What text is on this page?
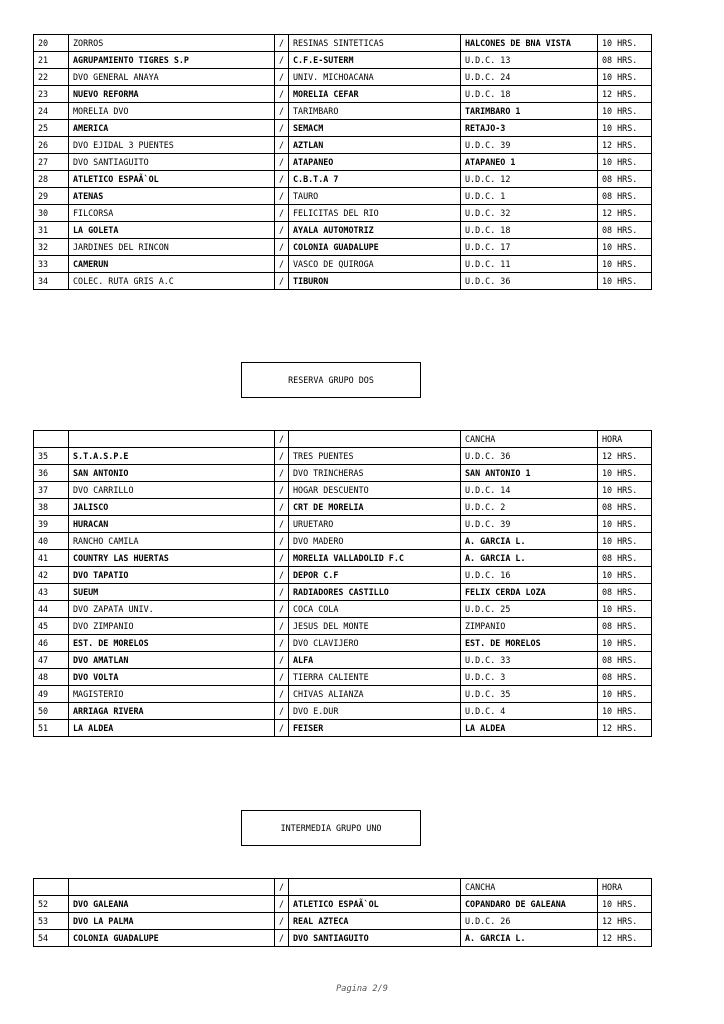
20	ZORROS	/	RESINAS SINTETICAS	HALCONES DE BNA VISTA	10 HRS.
21	AGRUPAMIENTO TIGRES S.P	/	C.F.E-SUTERM	U.D.C. 13	08 HRS.
22	DVO GENERAL ANAYA	/	UNIV. MICHOACANA	U.D.C. 24	10 HRS.
23	NUEVO REFORMA	/	MORELIA CEFAR	U.D.C. 18	12 HRS.
24	MORELIA DVO	/	TARIMBARO	TARIMBARO 1	10 HRS.
25	AMERICA	/	SEMACM	RETAJO-3	10 HRS.
26	DVO EJIDAL 3 PUENTES	/	AZTLAN	U.D.C. 39	12 HRS.
27	DVO SANTIAGUITO	/	ATAPANEO	ATAPANEO 1	10 HRS.
28	ATLETICO ESPAÃ`OL	/	C.B.T.A 7	U.D.C. 12	08 HRS.
29	ATENAS	/	TAURO	U.D.C. 1	08 HRS.
30	FILCORSA	/	FELICITAS DEL RIO	U.D.C. 32	12 HRS.
31	LA GOLETA	/	AYALA AUTOMOTRIZ	U.D.C. 18	08 HRS.
32	JARDINES DEL RINCON	/	COLONIA GUADALUPE	U.D.C. 17	10 HRS.
33	CAMERUN	/	VASCO DE QUIROGA	U.D.C. 11	10 HRS.
34	COLEC. RUTA GRIS A.C	/	TIBURON	U.D.C. 36	10 HRS.
RESERVA GRUPO DOS
		/		CANCHA	HORA
35	S.T.A.S.P.E	/	TRES PUENTES	U.D.C. 36	12 HRS.
36	SAN ANTONIO	/	DVO TRINCHERAS	SAN ANTONIO 1	10 HRS.
37	DVO CARRILLO	/	HOGAR DESCUENTO	U.D.C. 14	10 HRS.
38	JALISCO	/	CRT DE MORELIA	U.D.C. 2	08 HRS.
39	HURACAN	/	URUETARO	U.D.C. 39	10 HRS.
40	RANCHO CAMILA	/	DVO MADERO	A. GARCIA L.	10 HRS.
41	COUNTRY LAS HUERTAS	/	MORELIA VALLADOLID F.C	A. GARCIA L.	08 HRS.
42	DVO TAPATIO	/	DEPOR C.F	U.D.C. 16	10 HRS.
43	SUEUM	/	RADIADORES CASTILLO	FELIX CERDA LOZA	08 HRS.
44	DVO ZAPATA UNIV.	/	COCA COLA	U.D.C. 25	10 HRS.
45	DVO ZIMPANIO	/	JESUS DEL MONTE	ZIMPANIO	08 HRS.
46	EST. DE MORELOS	/	DVO CLAVIJERO	EST. DE MORELOS	10 HRS.
47	DVO AMATLAN	/	ALFA	U.D.C. 33	08 HRS.
48	DVO VOLTA	/	TIERRA CALIENTE	U.D.C. 3	08 HRS.
49	MAGISTERIO	/	CHIVAS ALIANZA	U.D.C. 35	10 HRS.
50	ARRIAGA RIVERA	/	DVO E.DUR	U.D.C. 4	10 HRS.
51	LA ALDEA	/	FEISER	LA ALDEA	12 HRS.
INTERMEDIA GRUPO UNO
		/		CANCHA	HORA
52	DVO GALEANA	/	ATLETICO ESPAÃ`OL	COPANDARO DE GALEANA	10 HRS.
53	DVO LA PALMA	/	REAL AZTECA	U.D.C. 26	12 HRS.
54	COLONIA GUADALUPE	/	DVO SANTIAGUITO	A. GARCIA L.	12 HRS.
Pagina 2/9
